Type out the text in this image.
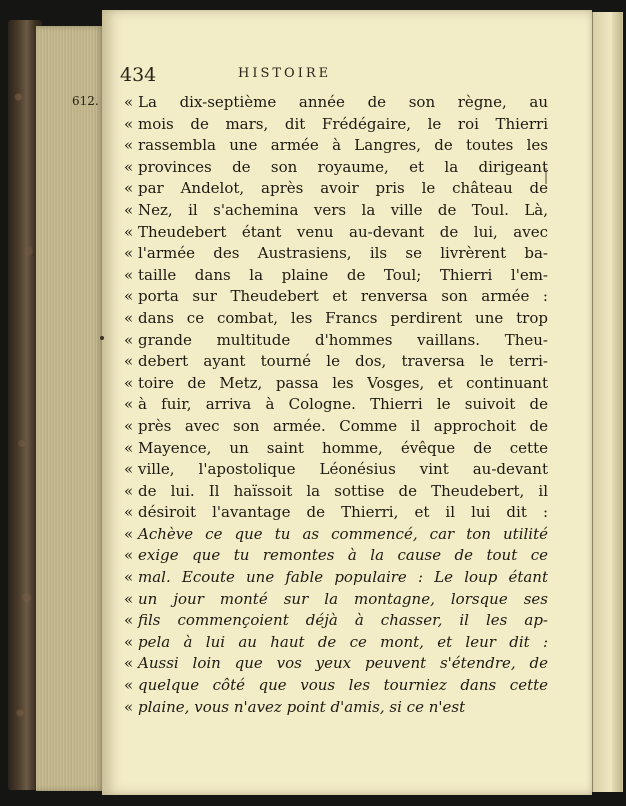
434	HISTOIRE
612. « La dix-septième année de son règne, au
« mois de mars, dit Frédégaire, le roi Thierri
« rassembla une armée à Langres, de toutes les
« provinces de son royaume, et la dirigeant
« par Andelot, après avoir pris le château de
« Nez, il s'achemina vers la ville de Toul. Là,
« Theudebert étant venu au-devant de lui, avec
« l'armée des Austrasiens, ils se livrèrent ba-
« taille dans la plaine de Toul; Thierri l'em-
« porta sur Theudebert et renversa son armée :
« dans ce combat, les Francs perdirent une trop
« grande multitude d'hommes vaillans. Theu-
« debert ayant tourné le dos, traversa le terri-
« toire de Metz, passa les Vosges, et continuant
« à fuir, arriva à Cologne. Thierri le suivoit de
« près avec son armée. Comme il approchoit de
« Mayence, un saint homme, évêque de cette
« ville, l'apostolique Léonésius vint au-devant
« de lui. Il haïssoit la sottise de Theudebert, il
« désiroit l'avantage de Thierri, et il lui dit :
« Achève ce que tu as commencé, car ton utilité
« exige que tu remontes à la cause de tout ce
« mal. Ecoute une fable populaire : Le loup étant
« un jour monté sur la montagne, lorsque ses
« fils commençoient déjà à chasser, il les ap-
« pela à lui au haut de ce mont, et leur dit :
« Aussi loin que vos yeux peuvent s'étendre, de
« quelque côté que vous les tourniez dans cette
« plaine, vous n'avez point d'amis, si ce n'est
